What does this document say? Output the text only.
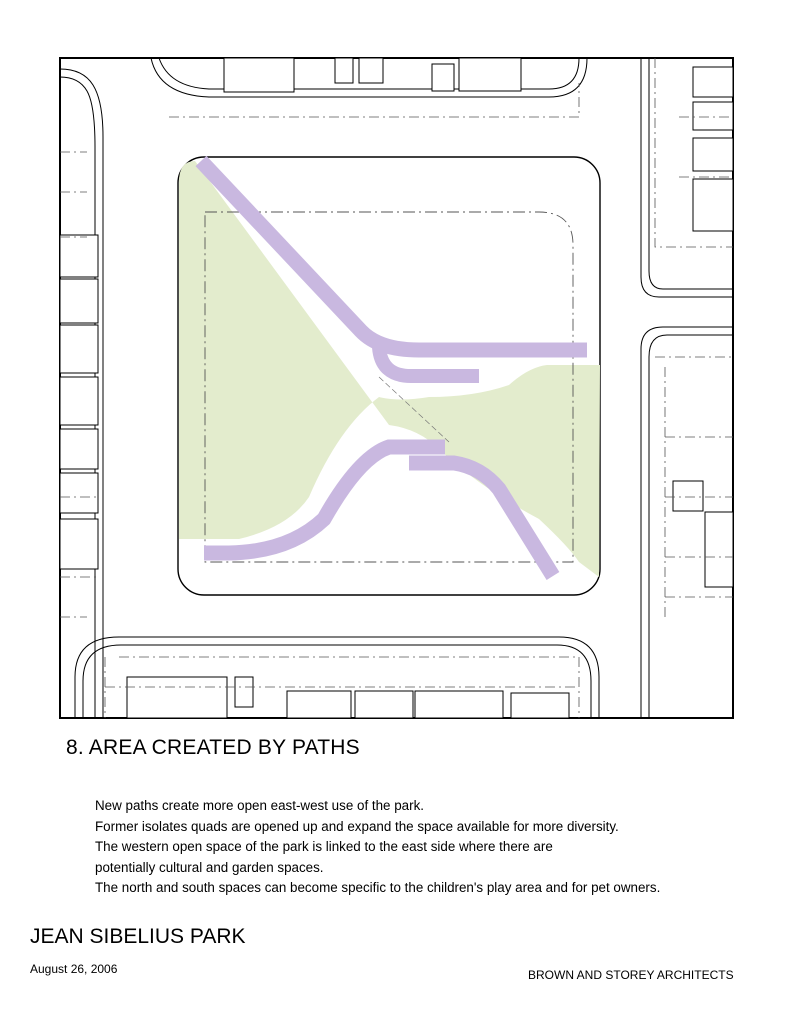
8. AREA CREATED BY PATHS
New paths create more open east-west use of the park.
Former isolates quads are opened up and expand the space available for more diversity.
The western open space of the park is linked to the east side where there are
potentially cultural and garden spaces.
The north and south spaces can become specific to the children's play area and for pet owners.
JEAN SIBELIUS PARK
August 26, 2006	BROWN AND STOREY ARCHITECTS
